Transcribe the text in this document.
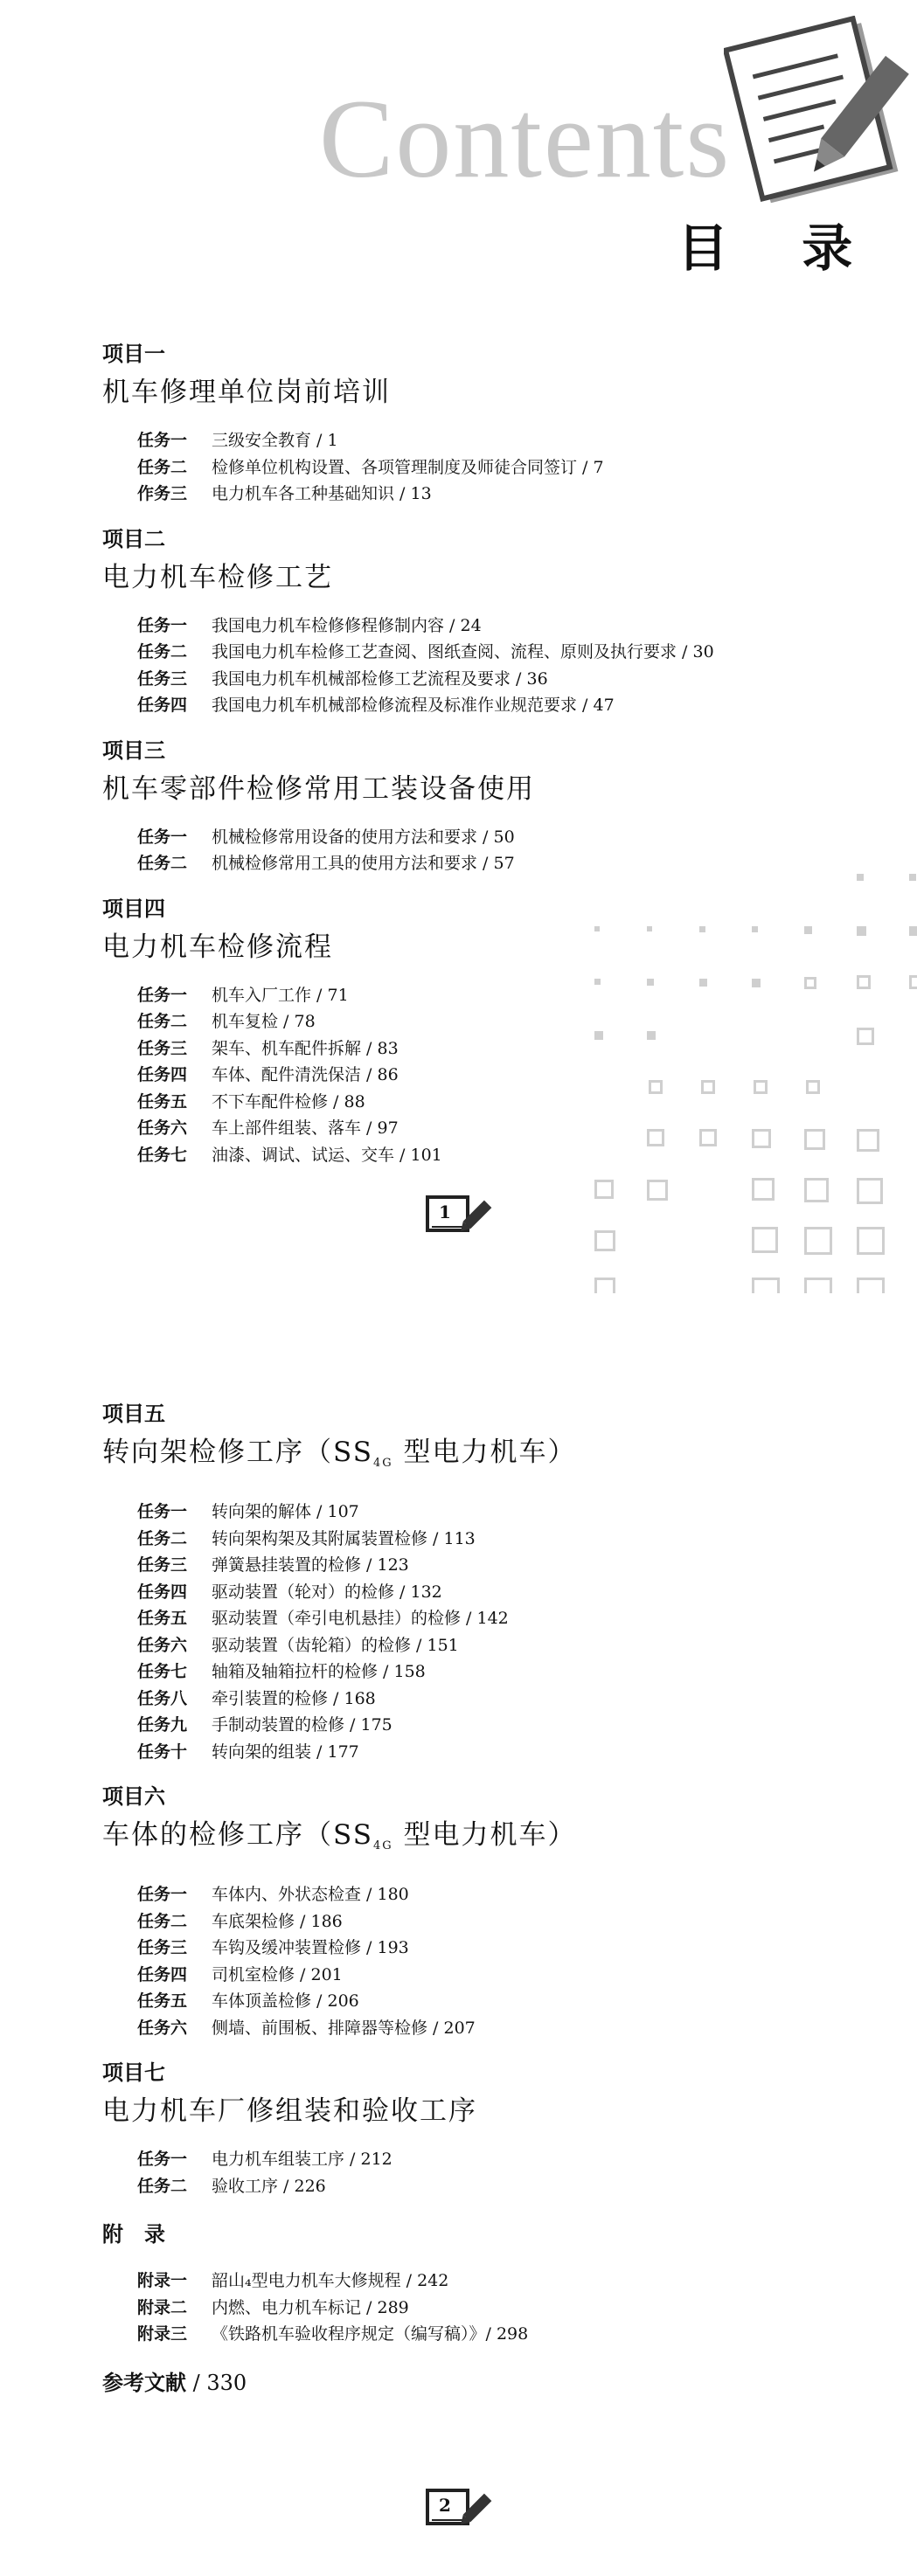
Contents
目 录
项目一
机车修理单位岗前培训
任务一	三级安全教育 / 1
任务二	检修单位机构设置、各项管理制度及师徒合同签订 / 7
作务三	电力机车各工种基础知识 / 13
项目二
电力机车检修工艺
任务一	我国电力机车检修修程修制内容 / 24
任务二	我国电力机车检修工艺查阅、图纸查阅、流程、原则及执行要求 / 30
任务三	我国电力机车机械部检修工艺流程及要求 / 36
任务四	我国电力机车机械部检修流程及标准作业规范要求 / 47
项目三
机车零部件检修常用工装设备使用
任务一	机械检修常用设备的使用方法和要求 / 50
任务二	机械检修常用工具的使用方法和要求 / 57
项目四
电力机车检修流程
任务一	机车入厂工作 / 71
任务二	机车复检 / 78
任务三	架车、机车配件拆解 / 83
任务四	车体、配件清洗保洁 / 86
任务五	不下车配件检修 / 88
任务六	车上部件组装、落车 / 97
任务七	油漆、调试、试运、交车 / 101
1
项目五
转向架检修工序（$SS_{4G}$ 型电力机车）
任务一	转向架的解体 / 107
任务二	转向架构架及其附属装置检修 / 113
任务三	弹簧悬挂装置的检修 / 123
任务四	驱动装置（轮对）的检修 / 132
任务五	驱动装置（牵引电机悬挂）的检修 / 142
任务六	驱动装置（齿轮箱）的检修 / 151
任务七	轴箱及轴箱拉杆的检修 / 158
任务八	牵引装置的检修 / 168
任务九	手制动装置的检修 / 175
任务十	转向架的组装 / 177
项目六
车体的检修工序（$SS_{4G}$ 型电力机车）
任务一	车体内、外状态检查 / 180
任务二	车底架检修 / 186
任务三	车钩及缓冲装置检修 / 193
任务四	司机室检修 / 201
任务五	车体顶盖检修 / 206
任务六	侧墙、前围板、排障器等检修 / 207
项目七
电力机车厂修组装和验收工序
任务一	电力机车组装工序 / 212
任务二	验收工序 / 226
附　录
附录一	韶山₄型电力机车大修规程 / 242
附录二	内燃、电力机车标记 / 289
附录三	《铁路机车验收程序规定（编写稿）》/ 298
参考文献 / 330
2
